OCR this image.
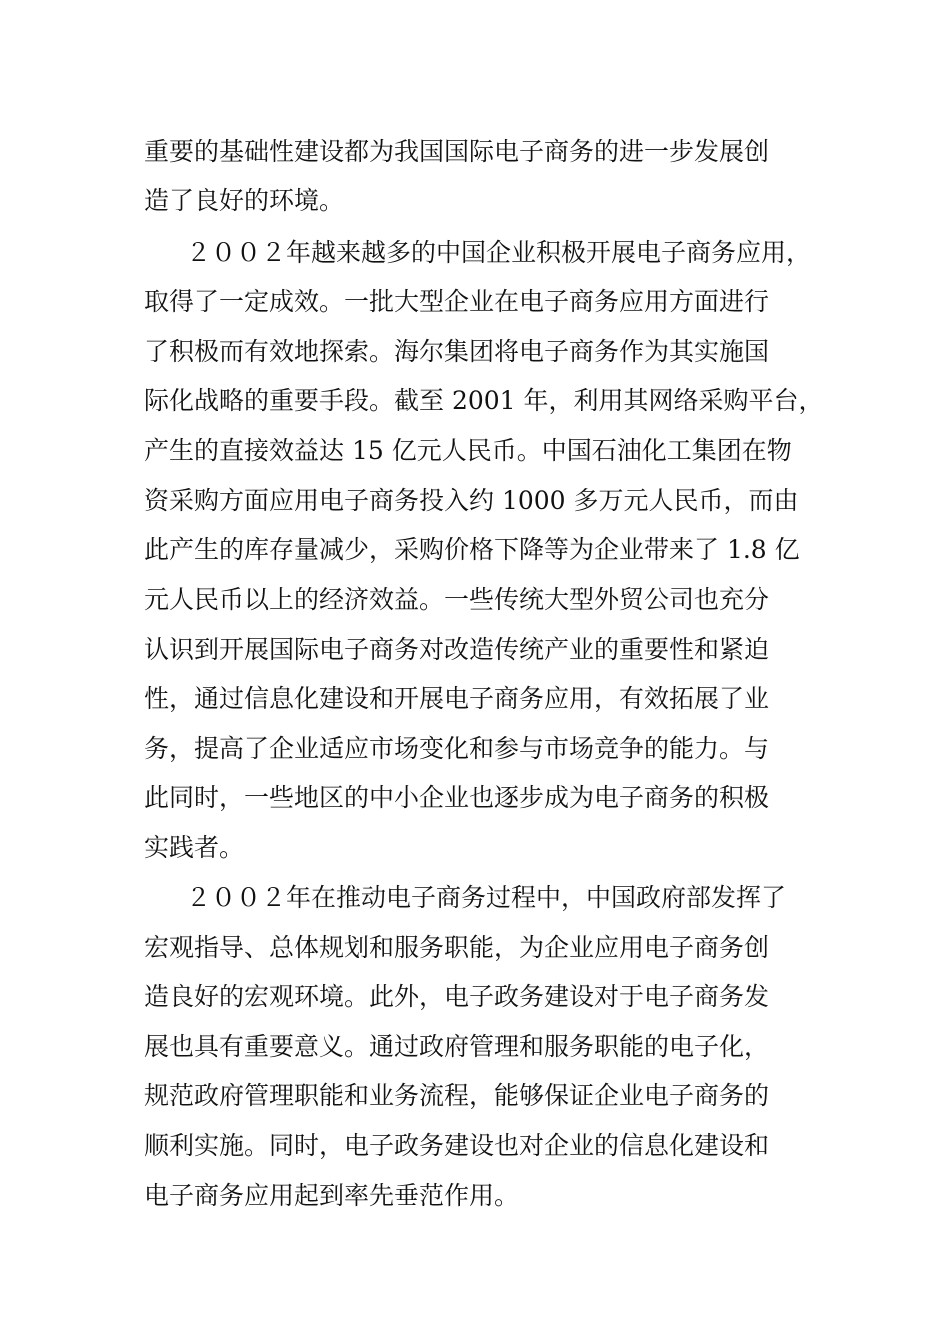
重要的基础性建设都为我国国际电子商务的进一步发展创
造了良好的环境。
２００２年越来越多的中国企业积极开展电子商务应用，
取得了一定成效。一批大型企业在电子商务应用方面进行
了积极而有效地探索。海尔集团将电子商务作为其实施国
际化战略的重要手段。截至 2001 年，利用其网络采购平台，
产生的直接效益达 15 亿元人民币。中国石油化工集团在物
资采购方面应用电子商务投入约 1000 多万元人民币，而由
此产生的库存量减少，采购价格下降等为企业带来了 1.8 亿
元人民币以上的经济效益。一些传统大型外贸公司也充分
认识到开展国际电子商务对改造传统产业的重要性和紧迫
性，通过信息化建设和开展电子商务应用，有效拓展了业
务，提高了企业适应市场变化和参与市场竞争的能力。与
此同时，一些地区的中小企业也逐步成为电子商务的积极
实践者。
２００２年在推动电子商务过程中，中国政府部发挥了
宏观指导、总体规划和服务职能，为企业应用电子商务创
造良好的宏观环境。此外，电子政务建设对于电子商务发
展也具有重要意义。通过政府管理和服务职能的电子化，
规范政府管理职能和业务流程，能够保证企业电子商务的
顺利实施。同时，电子政务建设也对企业的信息化建设和
电子商务应用起到率先垂范作用。
